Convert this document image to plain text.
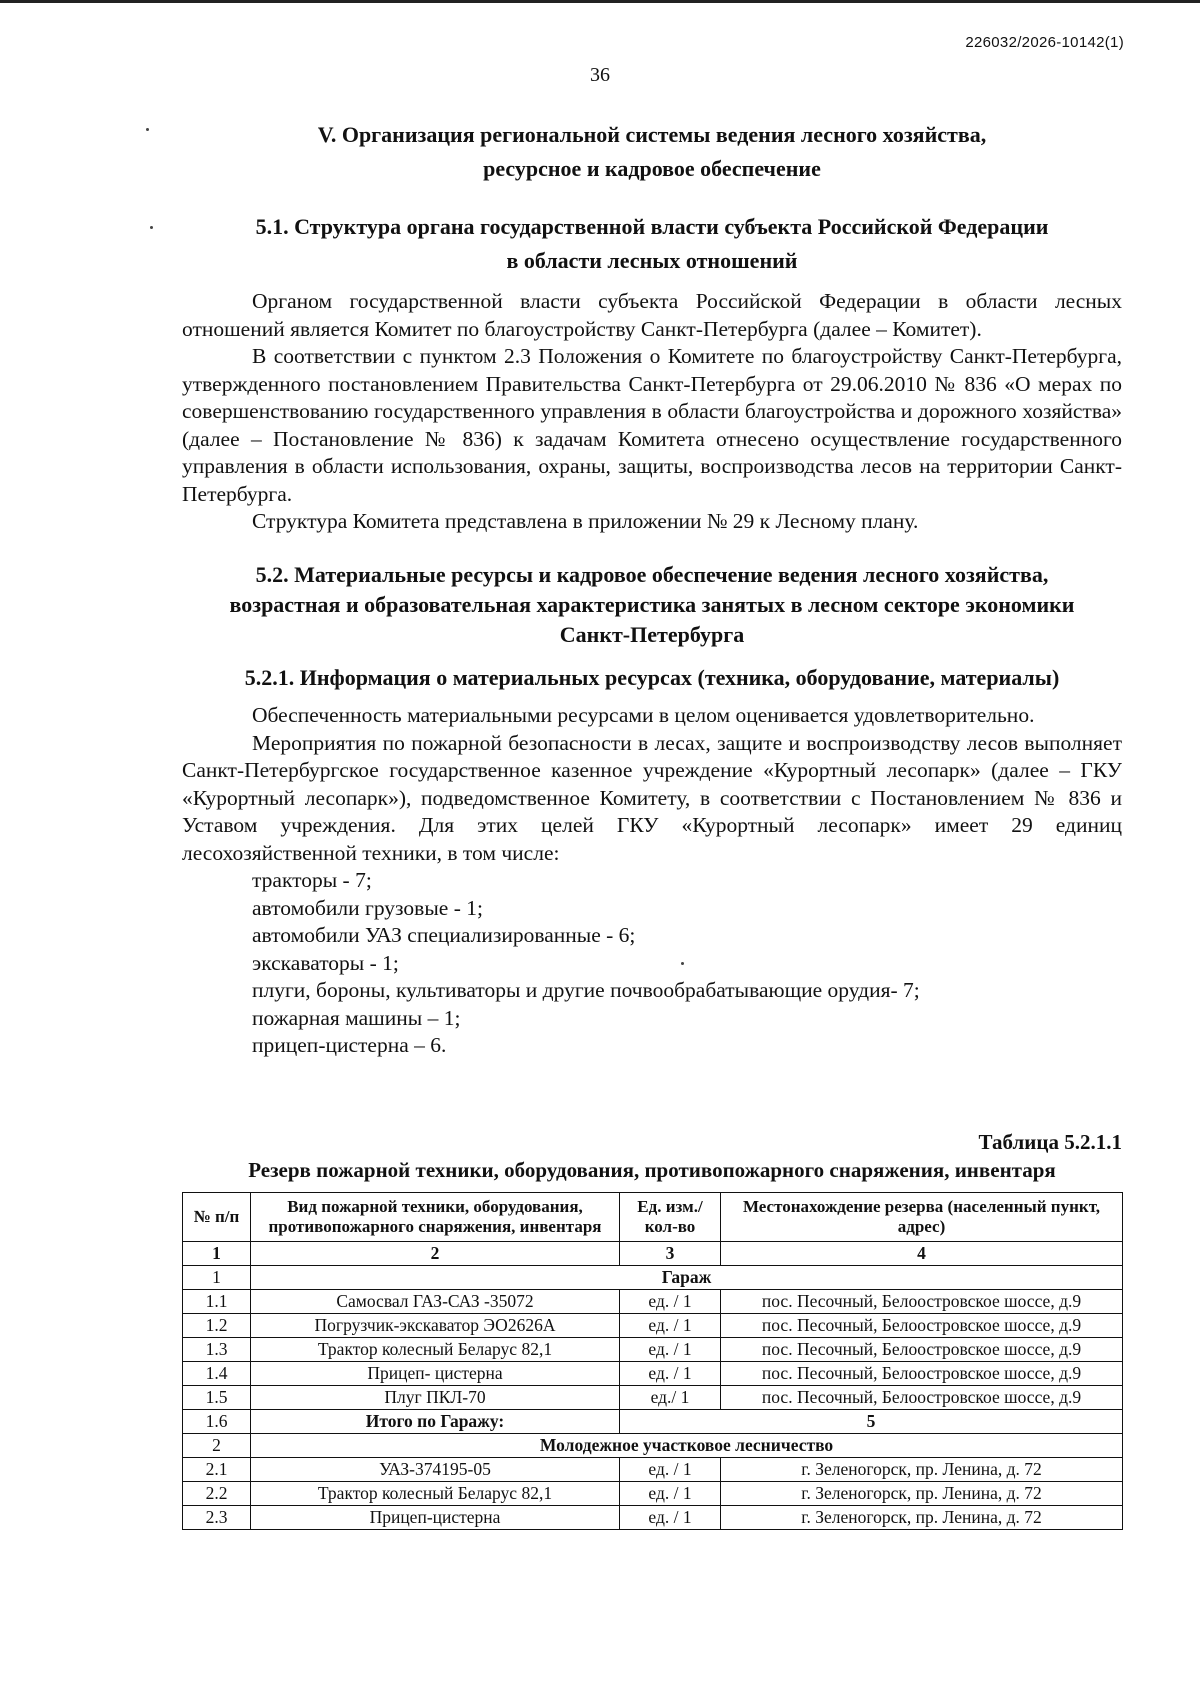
226032/2026-10142(1)
36

V. Организация региональной системы ведения лесного хозяйства,

ресурсное и кадровое обеспечение

5.1. Структура органа государственной власти субъекта Российской Федерации

в области лесных отношений

Органом государственной власти субъекта Российской Федерации в области лесных отношений является Комитет по благоустройству Санкт-Петербурга (далее – Комитет).

В соответствии с пунктом 2.3 Положения о Комитете по благоустройству Санкт-Петербурга, утвержденного постановлением Правительства Санкт-Петербурга от 29.06.2010 № 836 «О мерах по совершенствованию государственного управления в области благоустройства и дорожного хозяйства» (далее – Постановление № 836) к задачам Комитета отнесено осуществление государственного управления в области использования, охраны, защиты, воспроизводства лесов на территории Санкт-Петербурга.

Структура Комитета представлена в приложении № 29 к Лесному плану.

5.2. Материальные ресурсы и кадровое обеспечение ведения лесного хозяйства,

возрастная и образовательная характеристика занятых в лесном секторе экономики

Санкт-Петербурга

5.2.1. Информация о материальных ресурсах (техника, оборудование, материалы)

Обеспеченность материальными ресурсами в целом оценивается удовлетворительно.

Мероприятия по пожарной безопасности в лесах, защите и воспроизводству лесов выполняет Санкт-Петербургское государственное казенное учреждение «Курортный лесопарк» (далее – ГКУ «Курортный лесопарк»), подведомственное Комитету, в соответствии с Постановлением № 836 и Уставом учреждения. Для этих целей ГКУ «Курортный лесопарк» имеет 29 единиц лесохозяйственной техники, в том числе:

тракторы - 7;
автомобили грузовые - 1;
автомобили УАЗ специализированные - 6;
экскаваторы - 1;
плуги, бороны, культиваторы и другие почвообрабатывающие орудия- 7;
пожарная машины – 1;
прицеп-цистерна – 6.
Таблица 5.2.1.1
Резерв пожарной техники, оборудования, противопожарного снаряжения, инвентаря
№ п/п	Вид пожарной техники, оборудования, противопожарного снаряжения, инвентаря	Ед. изм./ кол-во	Местонахождение резерва (населенный пункт, адрес)
1	2	3	4
1	Гараж		
1.1	Самосвал ГАЗ-САЗ -35072	ед. / 1	пос. Песочный, Белоостровское шоссе, д.9
1.2	Погрузчик-экскаватор ЭО2626А	ед. / 1	пос. Песочный, Белоостровское шоссе, д.9
1.3	Трактор колесный Беларус 82,1	ед. / 1	пос. Песочный, Белоостровское шоссе, д.9
1.4	Прицеп- цистерна	ед. / 1	пос. Песочный, Белоостровское шоссе, д.9
1.5	Плуг ПКЛ-70	ед./ 1	пос. Песочный, Белоостровское шоссе, д.9
1.6	Итого по Гаражу:	5	
2	Молодежное участковое лесничество		
2.1	УАЗ-374195-05	ед. / 1	г. Зеленогорск, пр. Ленина, д. 72
2.2	Трактор колесный Беларус 82,1	ед. / 1	г. Зеленогорск, пр. Ленина, д. 72
2.3	Прицеп-цистерна	ед. / 1	г. Зеленогорск, пр. Ленина, д. 72
